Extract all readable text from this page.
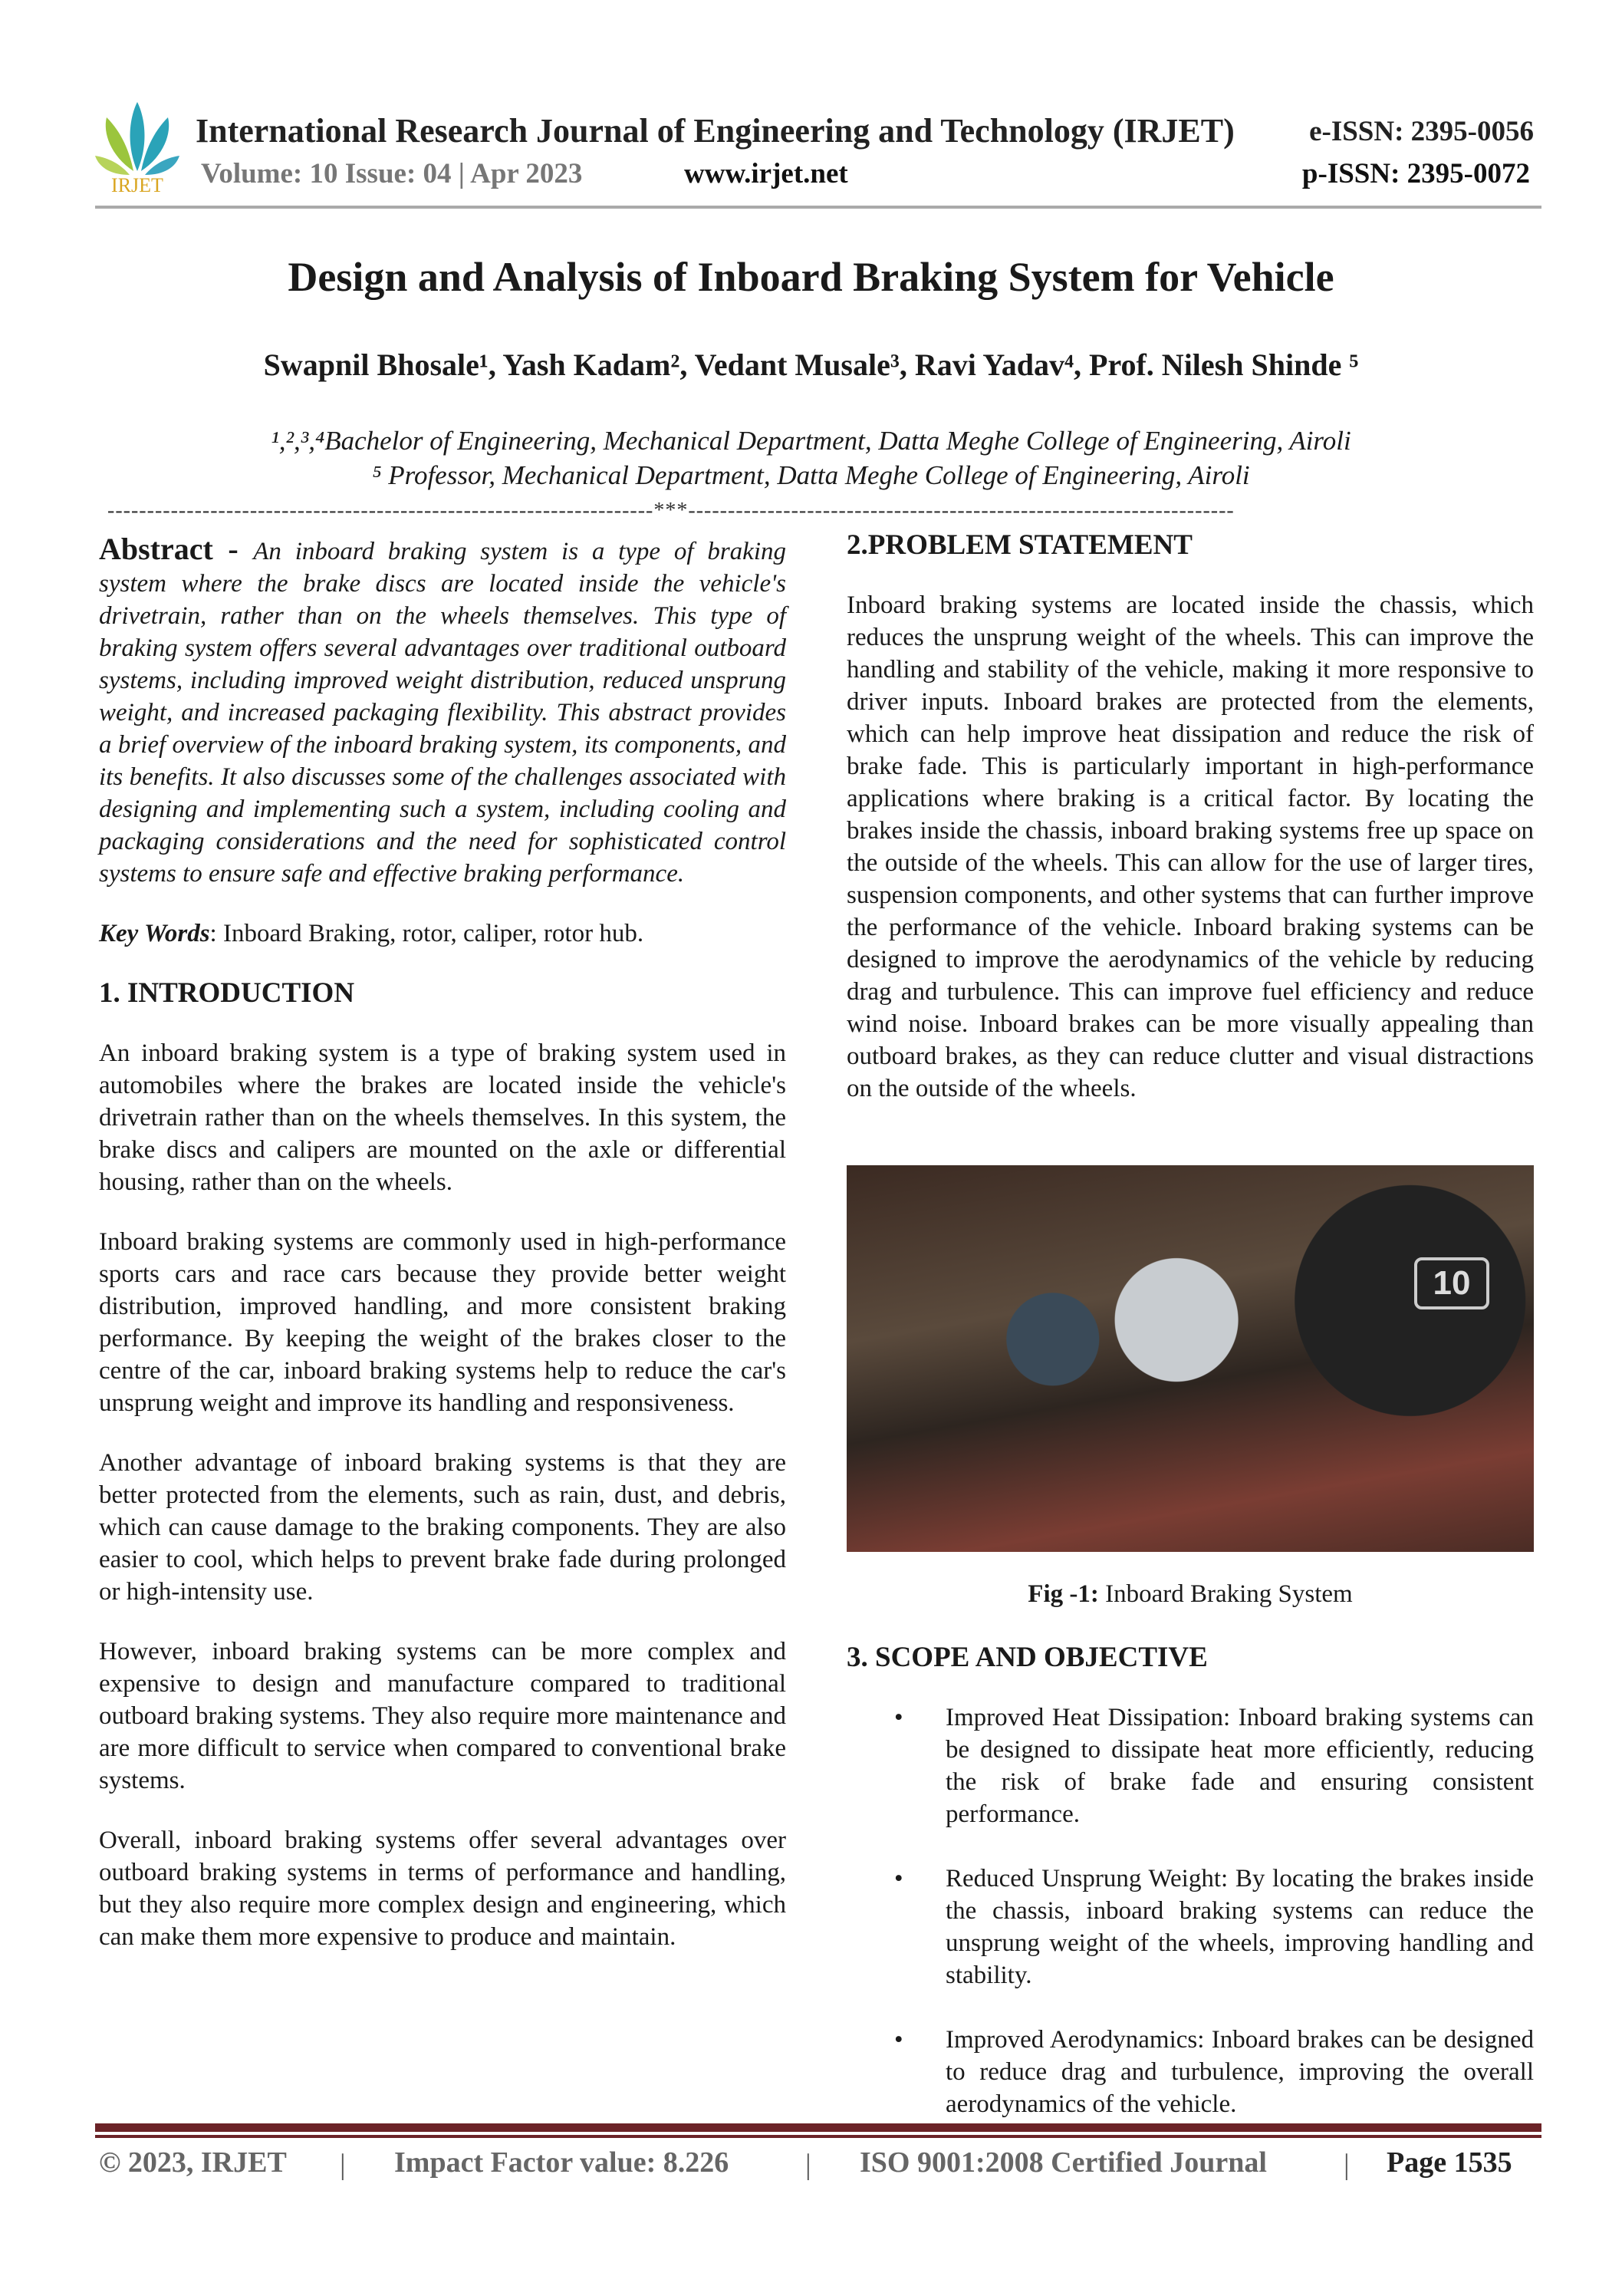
IRJET
International Research Journal of Engineering and Technology (IRJET)
Volume: 10 Issue: 04 | Apr 2023	www.irjet.net
e-ISSN: 2395-0056
p-ISSN: 2395-0072
Design and Analysis of Inboard Braking System for Vehicle
Swapnil Bhosale¹, Yash Kadam², Vedant Musale³, Ravi Yadav⁴, Prof. Nilesh Shinde ⁵
¹,²,³,⁴Bachelor of Engineering, Mechanical Department, Datta Meghe College of Engineering, Airoli
⁵ Professor, Mechanical Department, Datta Meghe College of Engineering, Airoli
---------------------------------------------------------------------***---------------------------------------------------------------------

Abstract - An inboard braking system is a type of braking system where the brake discs are located inside the vehicle's drivetrain, rather than on the wheels themselves. This type of braking system offers several advantages over traditional outboard systems, including improved weight distribution, reduced unsprung weight, and increased packaging flexibility. This abstract provides a brief overview of the inboard braking system, its components, and its benefits. It also discusses some of the challenges associated with designing and implementing such a system, including cooling and packaging considerations and the need for sophisticated control systems to ensure safe and effective braking performance.

Key Words: Inboard Braking, rotor, caliper, rotor hub.

1. INTRODUCTION

An inboard braking system is a type of braking system used in automobiles where the brakes are located inside the vehicle's drivetrain rather than on the wheels themselves. In this system, the brake discs and calipers are mounted on the axle or differential housing, rather than on the wheels.

Inboard braking systems are commonly used in high-performance sports cars and race cars because they provide better weight distribution, improved handling, and more consistent braking performance. By keeping the weight of the brakes closer to the centre of the car, inboard braking systems help to reduce the car's unsprung weight and improve its handling and responsiveness.

Another advantage of inboard braking systems is that they are better protected from the elements, such as rain, dust, and debris, which can cause damage to the braking components. They are also easier to cool, which helps to prevent brake fade during prolonged or high-intensity use.

However, inboard braking systems can be more complex and expensive to design and manufacture compared to traditional outboard braking systems. They also require more maintenance and are more difficult to service when compared to conventional brake systems.

Overall, inboard braking systems offer several advantages over outboard braking systems in terms of performance and handling, but they also require more complex design and engineering, which can make them more expensive to produce and maintain.

2.PROBLEM STATEMENT

Inboard braking systems are located inside the chassis, which reduces the unsprung weight of the wheels. This can improve the handling and stability of the vehicle, making it more responsive to driver inputs. Inboard brakes are protected from the elements, which can help improve heat dissipation and reduce the risk of brake fade. This is particularly important in high-performance applications where braking is a critical factor. By locating the brakes inside the chassis, inboard braking systems free up space on the outside of the wheels. This can allow for the use of larger tires, suspension components, and other systems that can further improve the performance of the vehicle. Inboard braking systems can be designed to improve the aerodynamics of the vehicle by reducing drag and turbulence. This can improve fuel efficiency and reduce wind noise. Inboard brakes can be more visually appealing than outboard brakes, as they can reduce clutter and visual distractions on the outside of the wheels.

10
Fig -1: Inboard Braking System
3. SCOPE AND OBJECTIVE
• Improved Heat Dissipation: Inboard braking systems can be designed to dissipate heat more efficiently, reducing the risk of brake fade and ensuring consistent performance.
• Reduced Unsprung Weight: By locating the brakes inside the chassis, inboard braking systems can reduce the unsprung weight of the wheels, improving handling and stability.
• Improved Aerodynamics: Inboard brakes can be designed to reduce drag and turbulence, improving the overall aerodynamics of the vehicle.
© 2023, IRJET | Impact Factor value: 8.226	| ISO 9001:2008 Certified Journal	| Page 1535
